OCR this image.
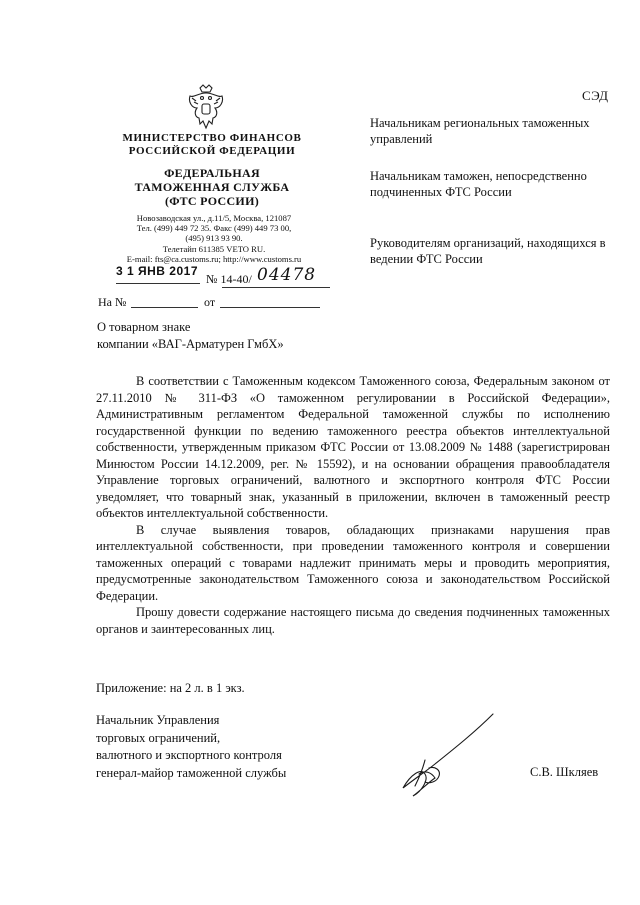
СЭД
МИНИСТЕРСТВО ФИНАНСОВ
РОССИЙСКОЙ ФЕДЕРАЦИИ
ФЕДЕРАЛЬНАЯ
ТАМОЖЕННАЯ СЛУЖБА
(ФТС РОССИИ)
Новозаводская ул., д.11/5, Москва, 121087
Тел. (499) 449 72 35. Факс (499) 449 73 00,
(495) 913 93 90.
Телетайп 611385 VETO RU.
E-mail: fts@ca.customs.ru; http://www.customs.ru
3 1 ЯНВ 2017
№ 14-40/ 04478
На №	от
Начальникам региональных таможенных управлений
Начальникам таможен, непосредственно подчиненных ФТС России
Руководителям организаций, находящихся в ведении ФТС России
О товарном знаке
компании «ВАГ-Арматурен ГмбХ»

В соответствии с Таможенным кодексом Таможенного союза, Федеральным законом от 27.11.2010 № 311-ФЗ «О таможенном регулировании в Российской Федерации», Административным регламентом Федеральной таможенной службы по исполнению государственной функции по ведению таможенного реестра объектов интеллектуальной собственности, утвержденным приказом ФТС России от 13.08.2009 № 1488 (зарегистрирован Минюстом России 14.12.2009, рег. № 15592), и на основании обращения правообладателя Управление торговых ограничений, валютного и экспортного контроля ФТС России уведомляет, что товарный знак, указанный в приложении, включен в таможенный реестр объектов интеллектуальной собственности.

В случае выявления товаров, обладающих признаками нарушения прав интеллектуальной собственности, при проведении таможенного контроля и совершении таможенных операций с товарами надлежит принимать меры и проводить мероприятия, предусмотренные законодательством Таможенного союза и законодательством Российской Федерации.

Прошу довести содержание настоящего письма до сведения подчиненных таможенных органов и заинтересованных лиц.

Приложение: на 2 л. в 1 экз.
Начальник Управления
торговых ограничений,
валютного и экспортного контроля
генерал-майор таможенной службы	С.В. Шкляев
